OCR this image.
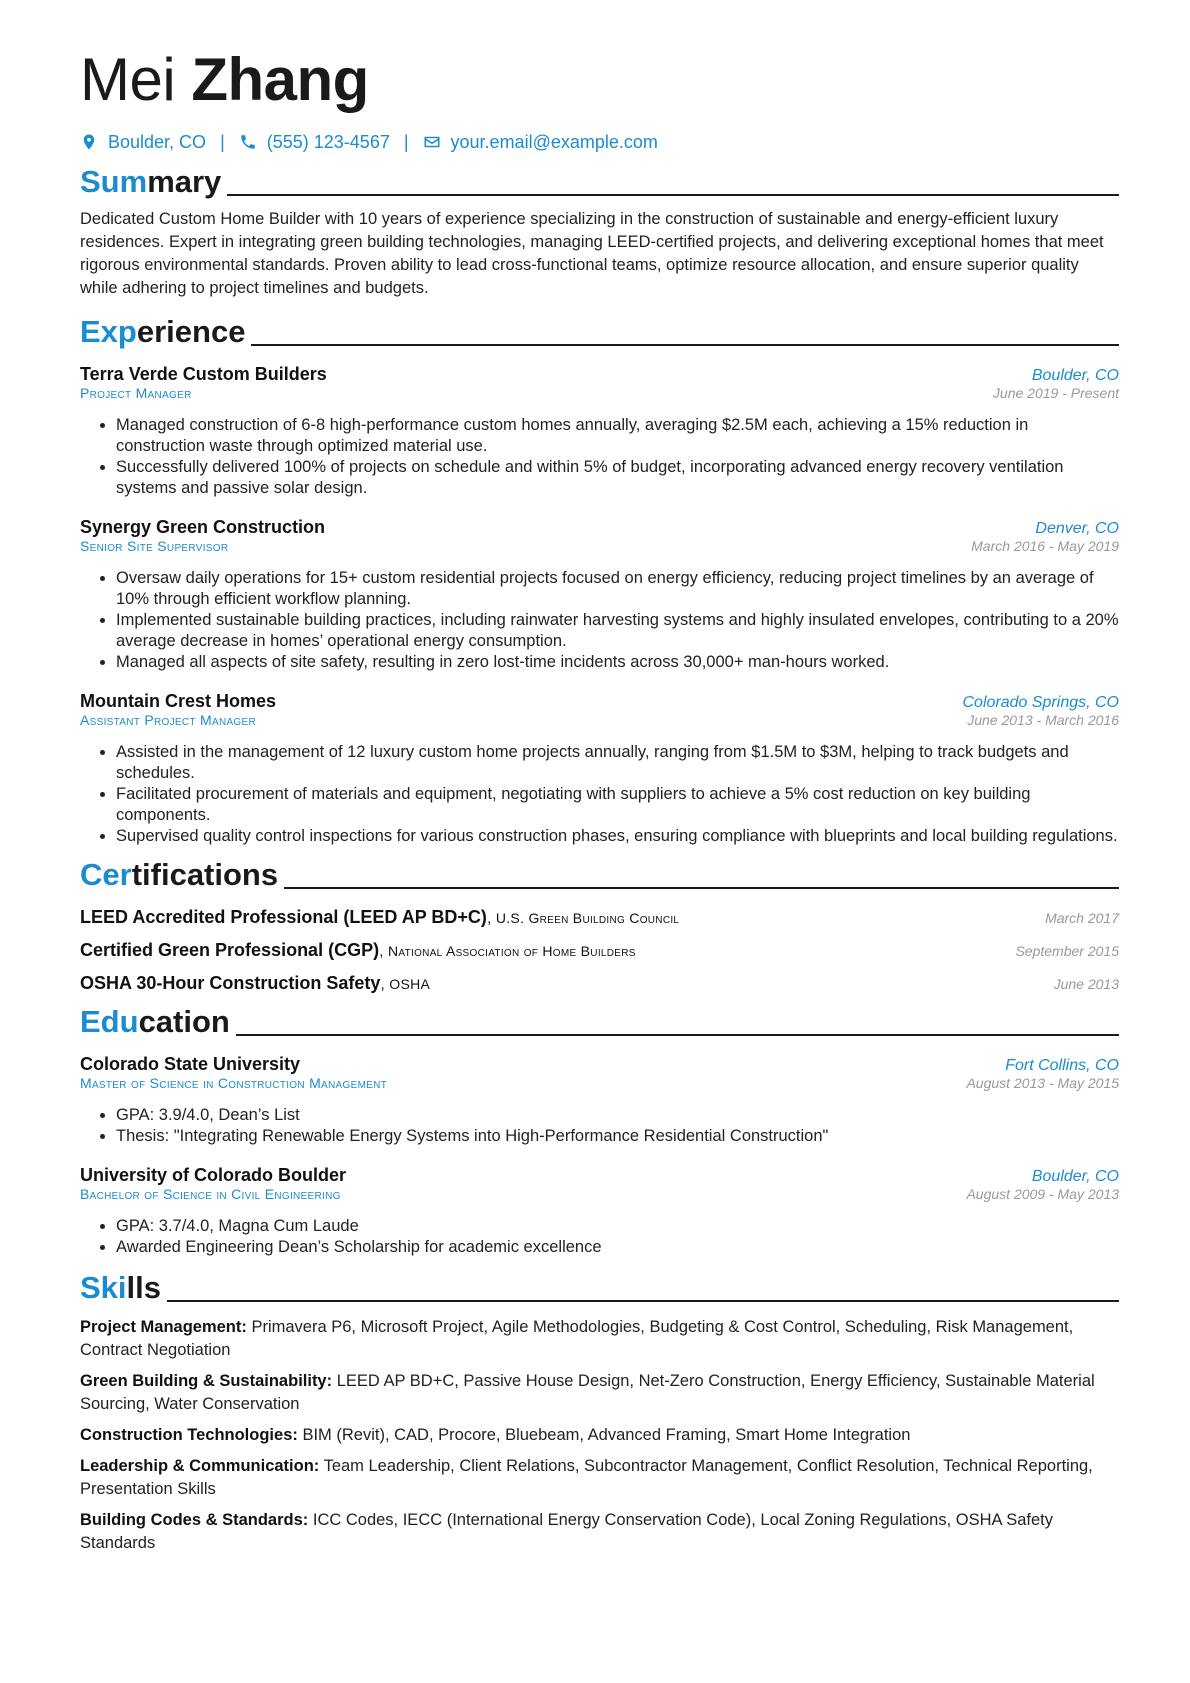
Mei Zhang
Boulder, CO | (555) 123-4567 | your.email@example.com
Summary
Dedicated Custom Home Builder with 10 years of experience specializing in the construction of sustainable and energy-efficient luxury residences. Expert in integrating green building technologies, managing LEED-certified projects, and delivering exceptional homes that meet rigorous environmental standards. Proven ability to lead cross-functional teams, optimize resource allocation, and ensure superior quality while adhering to project timelines and budgets.
Experience
Terra Verde Custom Builders	Boulder, CO
Project Manager	June 2019 - Present
• Managed construction of 6-8 high-performance custom homes annually, averaging $2.5M each, achieving a 15% reduction in construction waste through optimized material use.
• Successfully delivered 100% of projects on schedule and within 5% of budget, incorporating advanced energy recovery ventilation systems and passive solar design.
Synergy Green Construction	Denver, CO
Senior Site Supervisor	March 2016 - May 2019
• Oversaw daily operations for 15+ custom residential projects focused on energy efficiency, reducing project timelines by an average of 10% through efficient workflow planning.
• Implemented sustainable building practices, including rainwater harvesting systems and highly insulated envelopes, contributing to a 20% average decrease in homes’ operational energy consumption.
• Managed all aspects of site safety, resulting in zero lost-time incidents across 30,000+ man-hours worked.
Mountain Crest Homes	Colorado Springs, CO
Assistant Project Manager	June 2013 - March 2016
• Assisted in the management of 12 luxury custom home projects annually, ranging from $1.5M to $3M, helping to track budgets and schedules.
• Facilitated procurement of materials and equipment, negotiating with suppliers to achieve a 5% cost reduction on key building components.
• Supervised quality control inspections for various construction phases, ensuring compliance with blueprints and local building regulations.
Certifications
LEED Accredited Professional (LEED AP BD+C), U.S. Green Building Council	March 2017
Certified Green Professional (CGP), National Association of Home Builders	September 2015
OSHA 30-Hour Construction Safety, OSHA	June 2013
Education
Colorado State University	Fort Collins, CO
Master of Science in Construction Management	August 2013 - May 2015
• GPA: 3.9/4.0, Dean’s List
• Thesis: "Integrating Renewable Energy Systems into High-Performance Residential Construction"
University of Colorado Boulder	Boulder, CO
Bachelor of Science in Civil Engineering	August 2009 - May 2013
• GPA: 3.7/4.0, Magna Cum Laude
• Awarded Engineering Dean’s Scholarship for academic excellence
Skills
Project Management: Primavera P6, Microsoft Project, Agile Methodologies, Budgeting & Cost Control, Scheduling, Risk Management, Contract Negotiation
Green Building & Sustainability: LEED AP BD+C, Passive House Design, Net-Zero Construction, Energy Efficiency, Sustainable Material Sourcing, Water Conservation
Construction Technologies: BIM (Revit), CAD, Procore, Bluebeam, Advanced Framing, Smart Home Integration
Leadership & Communication: Team Leadership, Client Relations, Subcontractor Management, Conflict Resolution, Technical Reporting, Presentation Skills
Building Codes & Standards: ICC Codes, IECC (International Energy Conservation Code), Local Zoning Regulations, OSHA Safety Standards
